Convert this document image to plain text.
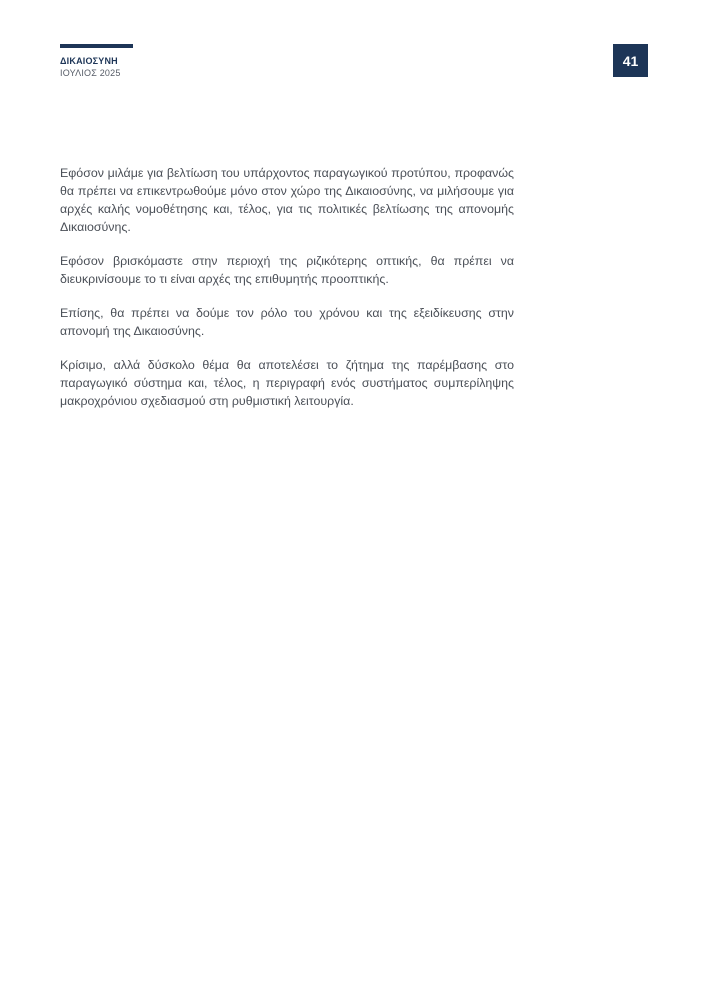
ΔΙΚΑΙΟΣΥΝΗ
ΙΟΥΛΙΟΣ 2025
41

Εφόσον μιλάμε για βελτίωση του υπάρχοντος παραγωγικού προτύπου, προφανώς θα πρέπει να επικεντρωθούμε μόνο στον χώρο της Δικαιοσύνης, να μιλήσουμε για αρχές καλής νομοθέτησης και, τέλος, για τις πολιτικές βελτίωσης της απονομής Δικαιοσύνης.

Εφόσον βρισκόμαστε στην περιοχή της ριζικότερης οπτικής, θα πρέπει να διευκρινίσουμε το τι είναι αρχές της επιθυμητής προοπτικής.

Επίσης, θα πρέπει να δούμε τον ρόλο του χρόνου και της εξειδίκευσης στην απονομή της Δικαιοσύνης.

Κρίσιμο, αλλά δύσκολο θέμα θα αποτελέσει το ζήτημα της παρέμβασης στο παραγωγικό σύστημα και, τέλος, η περιγραφή ενός συστήματος συμπερίληψης μακροχρόνιου σχεδιασμού στη ρυθμιστική λειτουργία.
